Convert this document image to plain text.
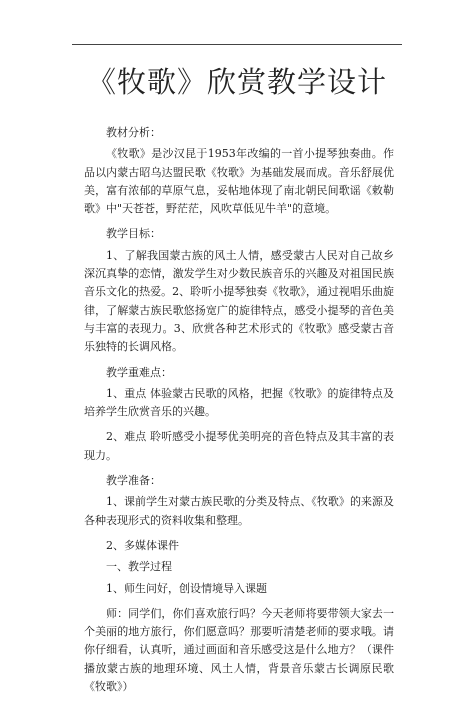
《牧歌》欣赏教学设计

教材分析：

《牧歌》是沙汉昆于1953年改编的一首小提琴独奏曲。作品以内蒙古昭乌达盟民歌《牧歌》为基础发展而成。音乐舒展优美，富有浓郁的草原气息，妥帖地体现了南北朝民间歌谣《敕勒歌》中"天苍苍，野茫茫，风吹草低见牛羊"的意境。

教学目标：

1、了解我国蒙古族的风土人情，感受蒙古人民对自己故乡深沉真挚的恋情，激发学生对少数民族音乐的兴趣及对祖国民族音乐文化的热爱。2、聆听小提琴独奏《牧歌》，通过视唱乐曲旋律，了解蒙古族民歌悠扬宽广的旋律特点，感受小提琴的音色美与丰富的表现力。3、欣赏各种艺术形式的《牧歌》感受蒙古音乐独特的长调风格。

教学重难点：

1、重点 体验蒙古民歌的风格，把握《牧歌》的旋律特点及培养学生欣赏音乐的兴趣。

2、难点 聆听感受小提琴优美明亮的音色特点及其丰富的表现力。

教学准备：

1、课前学生对蒙古族民歌的分类及特点、《牧歌》的来源及各种表现形式的资料收集和整理。

2、多媒体课件

一、教学过程

1、师生问好，创设情境导入课题

师：同学们，你们喜欢旅行吗？今天老师将要带领大家去一个美丽的地方旅行，你们愿意吗？那要听清楚老师的要求哦。请你仔细看，认真听，通过画面和音乐感受这是什么地方？（课件播放蒙古族的地理环境、风土人情，背景音乐蒙古长调原民歌《牧歌》）
